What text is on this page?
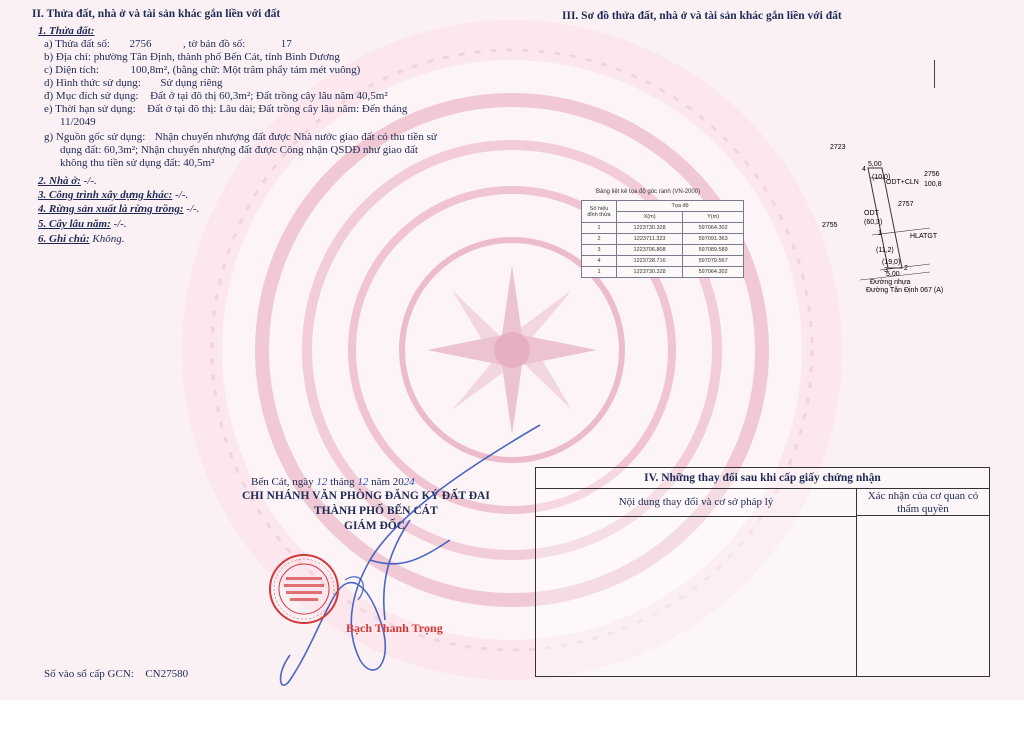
II. Thửa đất, nhà ở và tài sản khác gắn liền với đất
1. Thửa đất:
a) Thửa đất số: 2756	, tờ bản đồ số:	17
b) Địa chỉ: phường Tân Định, thành phố Bến Cát, tỉnh Bình Dương
c) Diện tích:	100,8m², (bằng chữ: Một trăm phẩy tám mét vuông)
d) Hình thức sử dụng: Sử dụng riêng
đ) Mục đích sử dụng: Đất ở tại đô thị 60,3m²; Đất trồng cây lâu năm 40,5m²
e) Thời hạn sử dụng: Đất ở tại đô thị: Lâu dài; Đất trồng cây lâu năm: Đến tháng
11/2049
g) Nguồn gốc sử dụng: Nhận chuyển nhượng đất được Nhà nước giao đất có thu tiền sử
dụng đất: 60,3m²; Nhận chuyển nhượng đất được Công nhận QSDĐ như giao đất
không thu tiền sử dụng đất: 40,5m²
2. Nhà ở: -/-.
3. Công trình xây dựng khác: -/-.
4. Rừng sản xuất là rừng trồng: -/-.
5. Cây lâu năm: -/-.
6. Ghi chú: Không.
III. Sơ đồ thửa đất, nhà ở và tài sản khác gắn liền với đất
Bảng liệt kê tọa độ góc ranh (VN-2000)
Số hiệu đỉnh thửa	Tọa độ	
	X(m)	Y(m)
1	1223730.328	597064.302
2	1223711.323	597091.363
3	1223706.808	597089.589
4	1223728.716	597079.567
1	1223730.328	597064.302
2723
4
5,00
(10,0)
ODT+CLN
2756
100,8
2757
ODT
2755	(60,3)
(11,2)
HLATGT
(19,0)
5,00
Đường nhựa
Đường Tân Định 067 (A)
1
2
3
Bến Cát, ngày 12 tháng 12 năm 2024
CHI NHÁNH VĂN PHÒNG ĐĂNG KÝ ĐẤT ĐAI
THÀNH PHỐ BẾN CÁT
GIÁM ĐỐC
Bạch Thanh Trọng
Số vào sổ cấp GCN: CN27580
IV. Những thay đổi sau khi cấp giấy chứng nhận
Nội dung thay đổi và cơ sở pháp lý	Xác nhận của cơ quan có thẩm quyền
